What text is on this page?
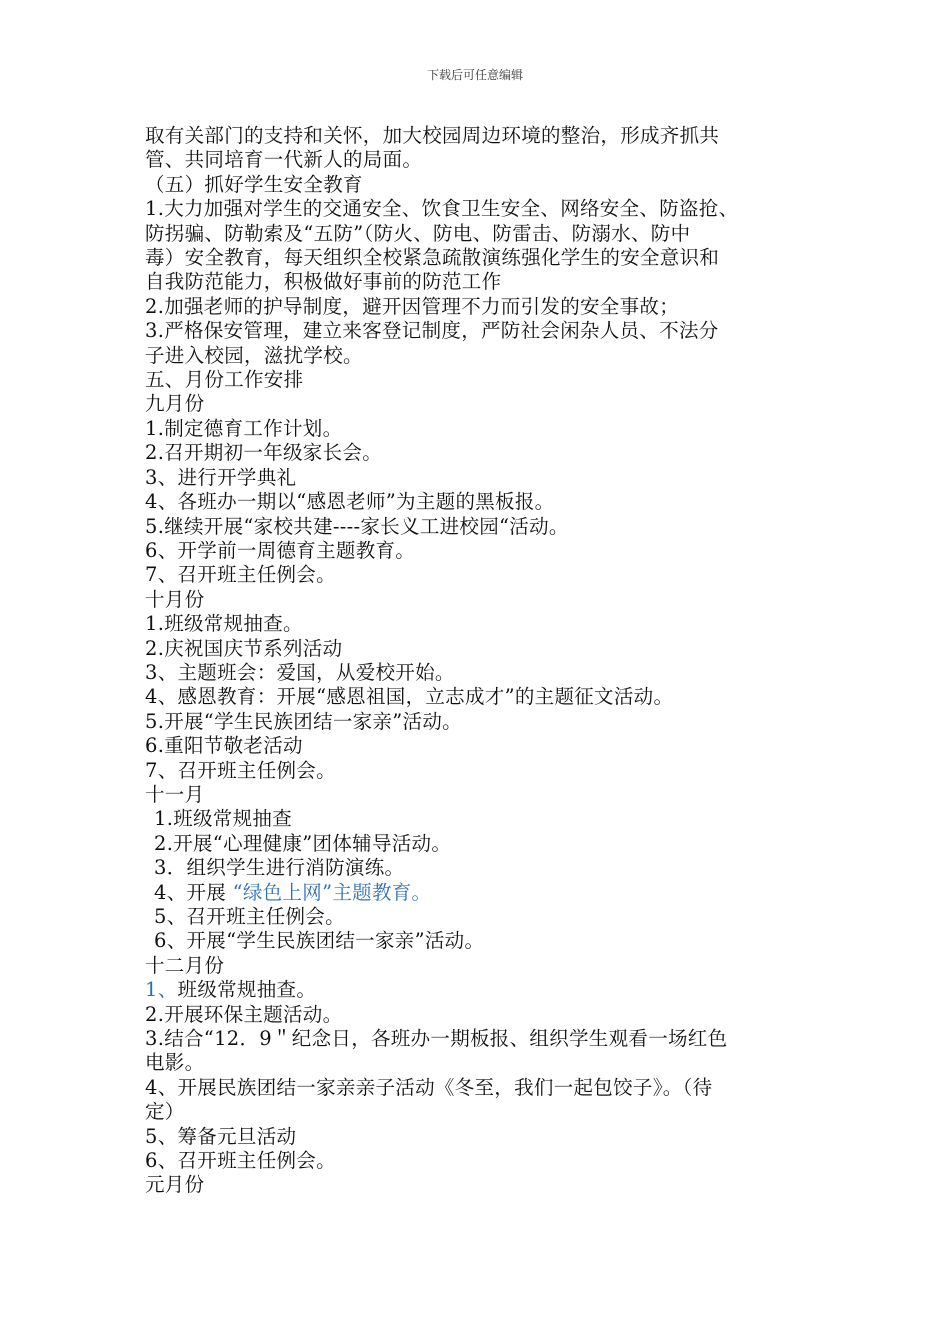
下载后可任意编辑
取有关部门的支持和关怀，加大校园周边环境的整治，形成齐抓共
管、共同培育一代新人的局面。
（五）抓好学生安全教育
1.大力加强对学生的交通安全、饮食卫生安全、网络安全、防盗抢、
防拐骗、防勒索及“五防”（防火、防电、防雷击、防溺水、防中
毒）安全教育，每天组织全校紧急疏散演练强化学生的安全意识和
自我防范能力，积极做好事前的防范工作
2.加强老师的护导制度，避开因管理不力而引发的安全事故；
3.严格保安管理，建立来客登记制度，严防社会闲杂人员、不法分
子进入校园，滋扰学校。
五、月份工作安排
九月份
1.制定德育工作计划。
2.召开期初一年级家长会。
3、进行开学典礼
4、各班办一期以“感恩老师”为主题的黑板报。
5.继续开展“家校共建----家长义工进校园“活动。
6、开学前一周德育主题教育。
7、召开班主任例会。
十月份
1.班级常规抽查。
2.庆祝国庆节系列活动
3、主题班会：爱国，从爱校开始。
4、感恩教育：开展“感恩祖国，立志成才”的主题征文活动。
5.开展“学生民族团结一家亲”活动。
6.重阳节敬老活动
7、召开班主任例会。
十一月
1.班级常规抽查
2.开展“心理健康”团体辅导活动。
3．组织学生进行消防演练。
4、开展 “绿色上网”主题教育。
5、召开班主任例会。
6、开展“学生民族团结一家亲”活动。
十二月份
1、班级常规抽查。
2.开展环保主题活动。
3.结合“12．9＂纪念日，各班办一期板报、组织学生观看一场红色
电影。
4、开展民族团结一家亲亲子活动《冬至，我们一起包饺子》。（待
定）
5、筹备元旦活动
6、召开班主任例会。
元月份
